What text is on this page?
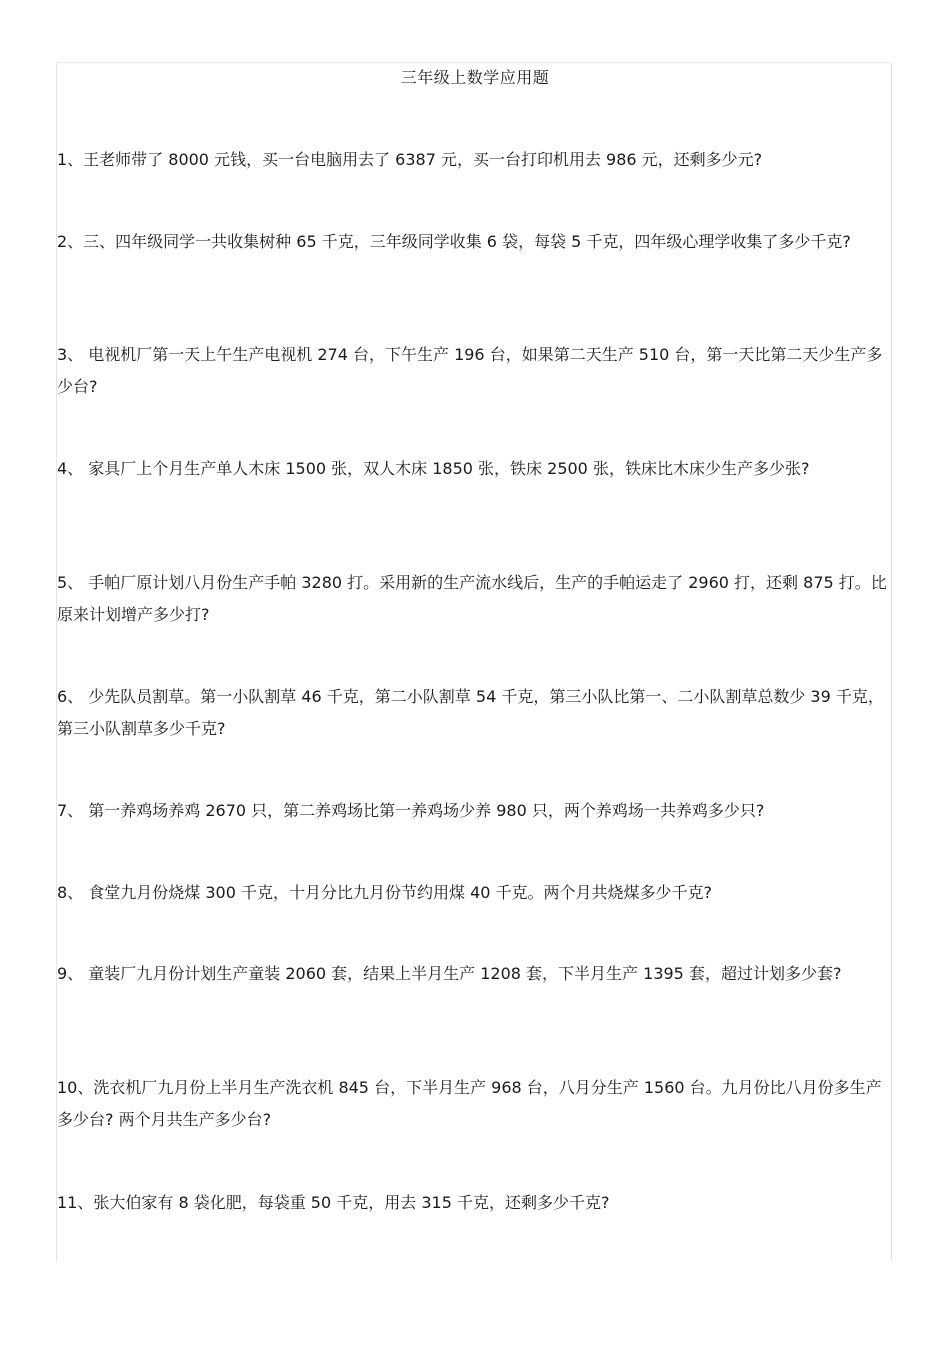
三年级上数学应用题

1、王老师带了 8000 元钱，买一台电脑用去了 6387 元，买一台打印机用去 986 元，还剩多少元?

2、三、四年级同学一共收集树种 65 千克，三年级同学收集 6 袋，每袋 5 千克，四年级心理学收集了多少千克?

3、 电视机厂第一天上午生产电视机 274 台，下午生产 196 台，如果第二天生产 510 台，第一天比第二天少生产多少台?

4、 家具厂上个月生产单人木床 1500 张，双人木床 1850 张，铁床 2500 张，铁床比木床少生产多少张?

5、 手帕厂原计划八月份生产手帕 3280 打。采用新的生产流水线后，生产的手帕运走了 2960 打，还剩 875 打。比原来计划增产多少打?

6、 少先队员割草。第一小队割草 46 千克，第二小队割草 54 千克，第三小队比第一、二小队割草总数少 39 千克，第三小队割草多少千克?

7、 第一养鸡场养鸡 2670 只，第二养鸡场比第一养鸡场少养 980 只，两个养鸡场一共养鸡多少只?

8、 食堂九月份烧煤 300 千克，十月分比九月份节约用煤 40 千克。两个月共烧煤多少千克?

9、 童装厂九月份计划生产童装 2060 套，结果上半月生产 1208 套，下半月生产 1395 套，超过计划多少套?

10、洗衣机厂九月份上半月生产洗衣机 845 台，下半月生产 968 台，八月分生产 1560 台。九月份比八月份多生产多少台? 两个月共生产多少台?

11、张大伯家有 8 袋化肥，每袋重 50 千克，用去 315 千克，还剩多少千克?
